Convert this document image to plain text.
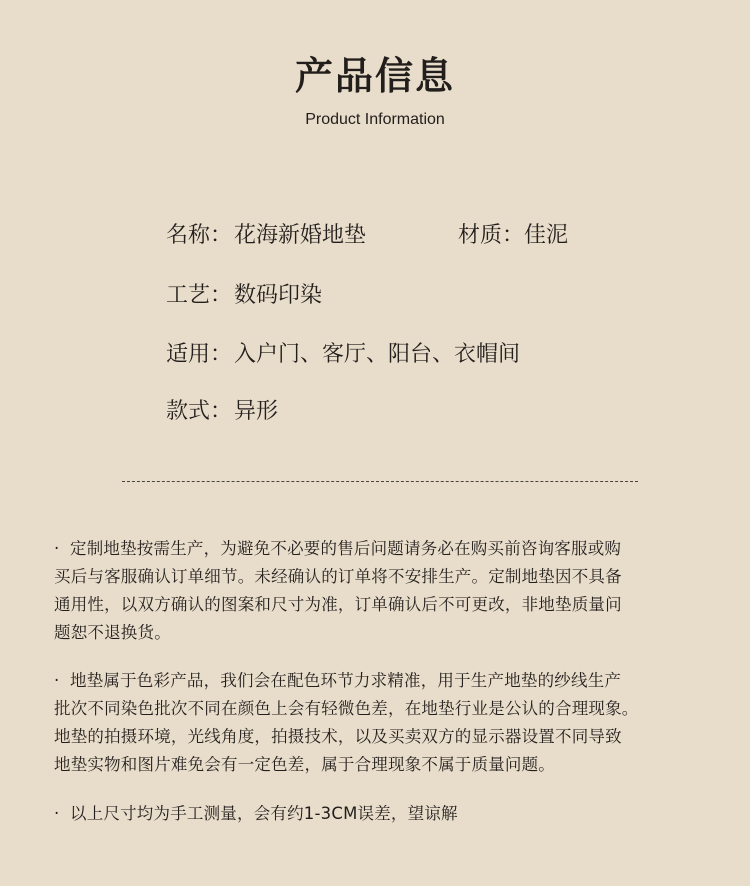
产品信息
Product Information
名称：花海新婚地垫	材质：佳泥
工艺：数码印染
适用：入户门、客厅、阳台、衣帽间
款式：异形
· 定制地垫按需生产，为避免不必要的售后问题请务必在购买前咨询客服或购
买后与客服确认订单细节。未经确认的订单将不安排生产。定制地垫因不具备
通用性，以双方确认的图案和尺寸为准，订单确认后不可更改，非地垫质量问
题恕不退换货。
· 地垫属于色彩产品，我们会在配色环节力求精准，用于生产地垫的纱线生产
批次不同染色批次不同在颜色上会有轻微色差，在地垫行业是公认的合理现象。
地垫的拍摄环境，光线角度，拍摄技术，以及买卖双方的显示器设置不同导致
地垫实物和图片难免会有一定色差，属于合理现象不属于质量问题。
· 以上尺寸均为手工测量，会有约1-3CM误差，望谅解
